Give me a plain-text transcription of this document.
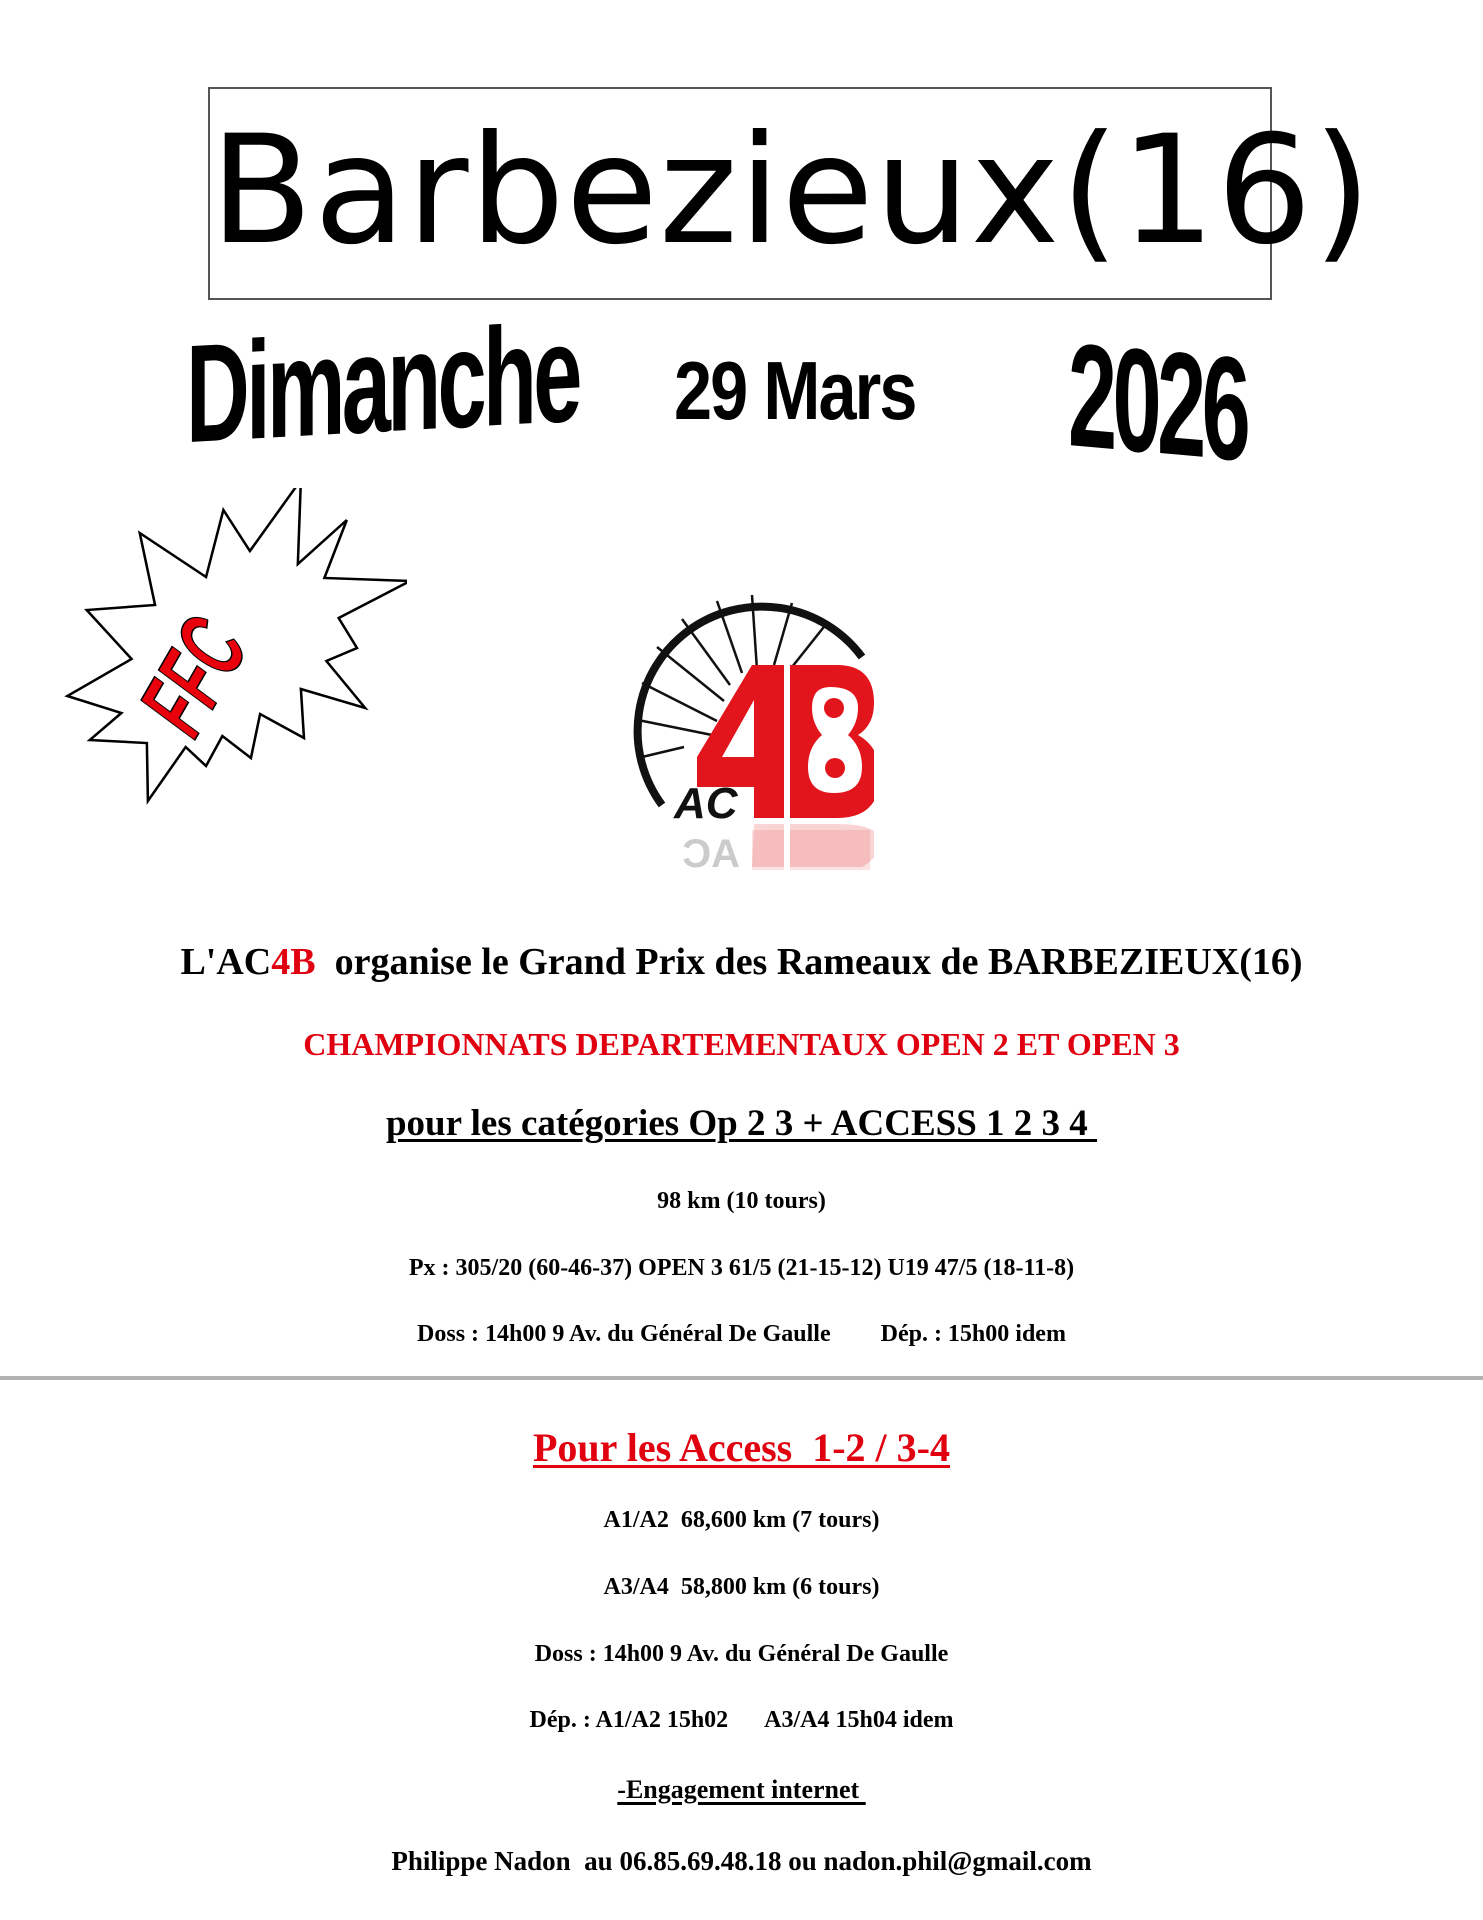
Barbezieux(16)
Dimanche 29 Mars 2026
FFC
AC
AC
L'AC4B  organise le Grand Prix des Rameaux de BARBEZIEUX(16)
CHAMPIONNATS DEPARTEMENTAUX OPEN 2 ET OPEN 3
pour les catégories Op 2 3 + ACCESS 1 2 3 4
98 km (10 tours)
Px : 305/20 (60-46-37) OPEN 3 61/5 (21-15-12) U19 47/5 (18-11-8)
Doss : 14h00 9 Av. du Général De Gaulle Dép. : 15h00 idem
Pour les Access  1-2 / 3-4
A1/A2  68,600 km (7 tours)
A3/A4  58,800 km (6 tours)
Doss : 14h00 9 Av. du Général De Gaulle
Dép. : A1/A2 15h02 A3/A4 15h04 idem
-Engagement internet
Philippe Nadon  au 06.85.69.48.18 ou nadon.phil@gmail.com
